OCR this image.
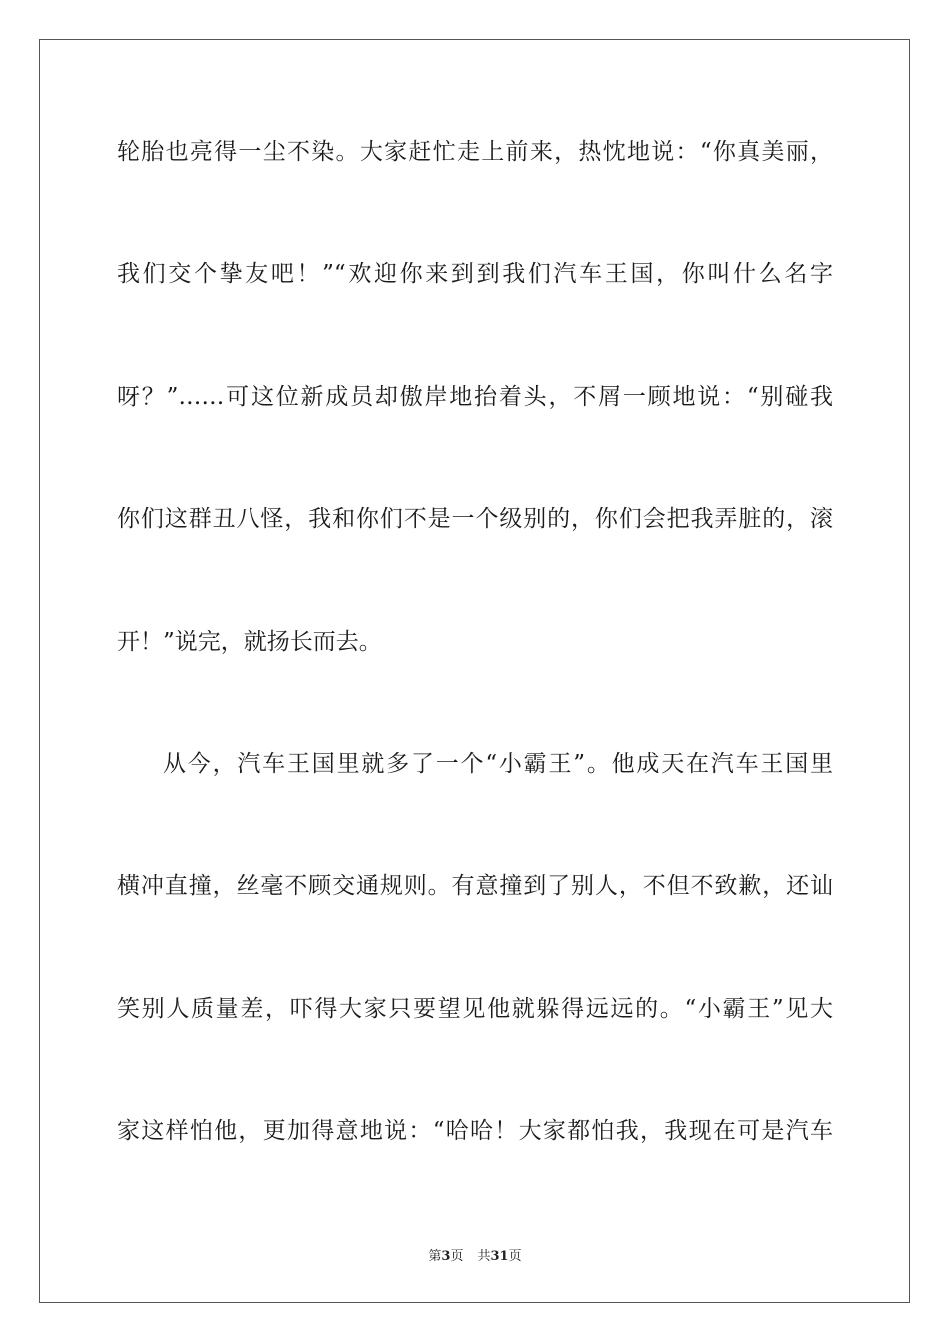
轮胎也亮得一尘不染。大家赶忙走上前来，热忱地说：“你真美丽，
我们交个挚友吧！”“欢迎你来到到我们汽车王国，你叫什么名字
呀？”……可这位新成员却傲岸地抬着头，不屑一顾地说：“别碰我
你们这群丑八怪，我和你们不是一个级别的，你们会把我弄脏的，滚
开！”说完，就扬长而去。
从今，汽车王国里就多了一个“小霸王”。他成天在汽车王国里
横冲直撞，丝毫不顾交通规则。有意撞到了别人，不但不致歉，还讪
笑别人质量差，吓得大家只要望见他就躲得远远的。“小霸王”见大
家这样怕他，更加得意地说：“哈哈！大家都怕我，我现在可是汽车
第3页 共31页
